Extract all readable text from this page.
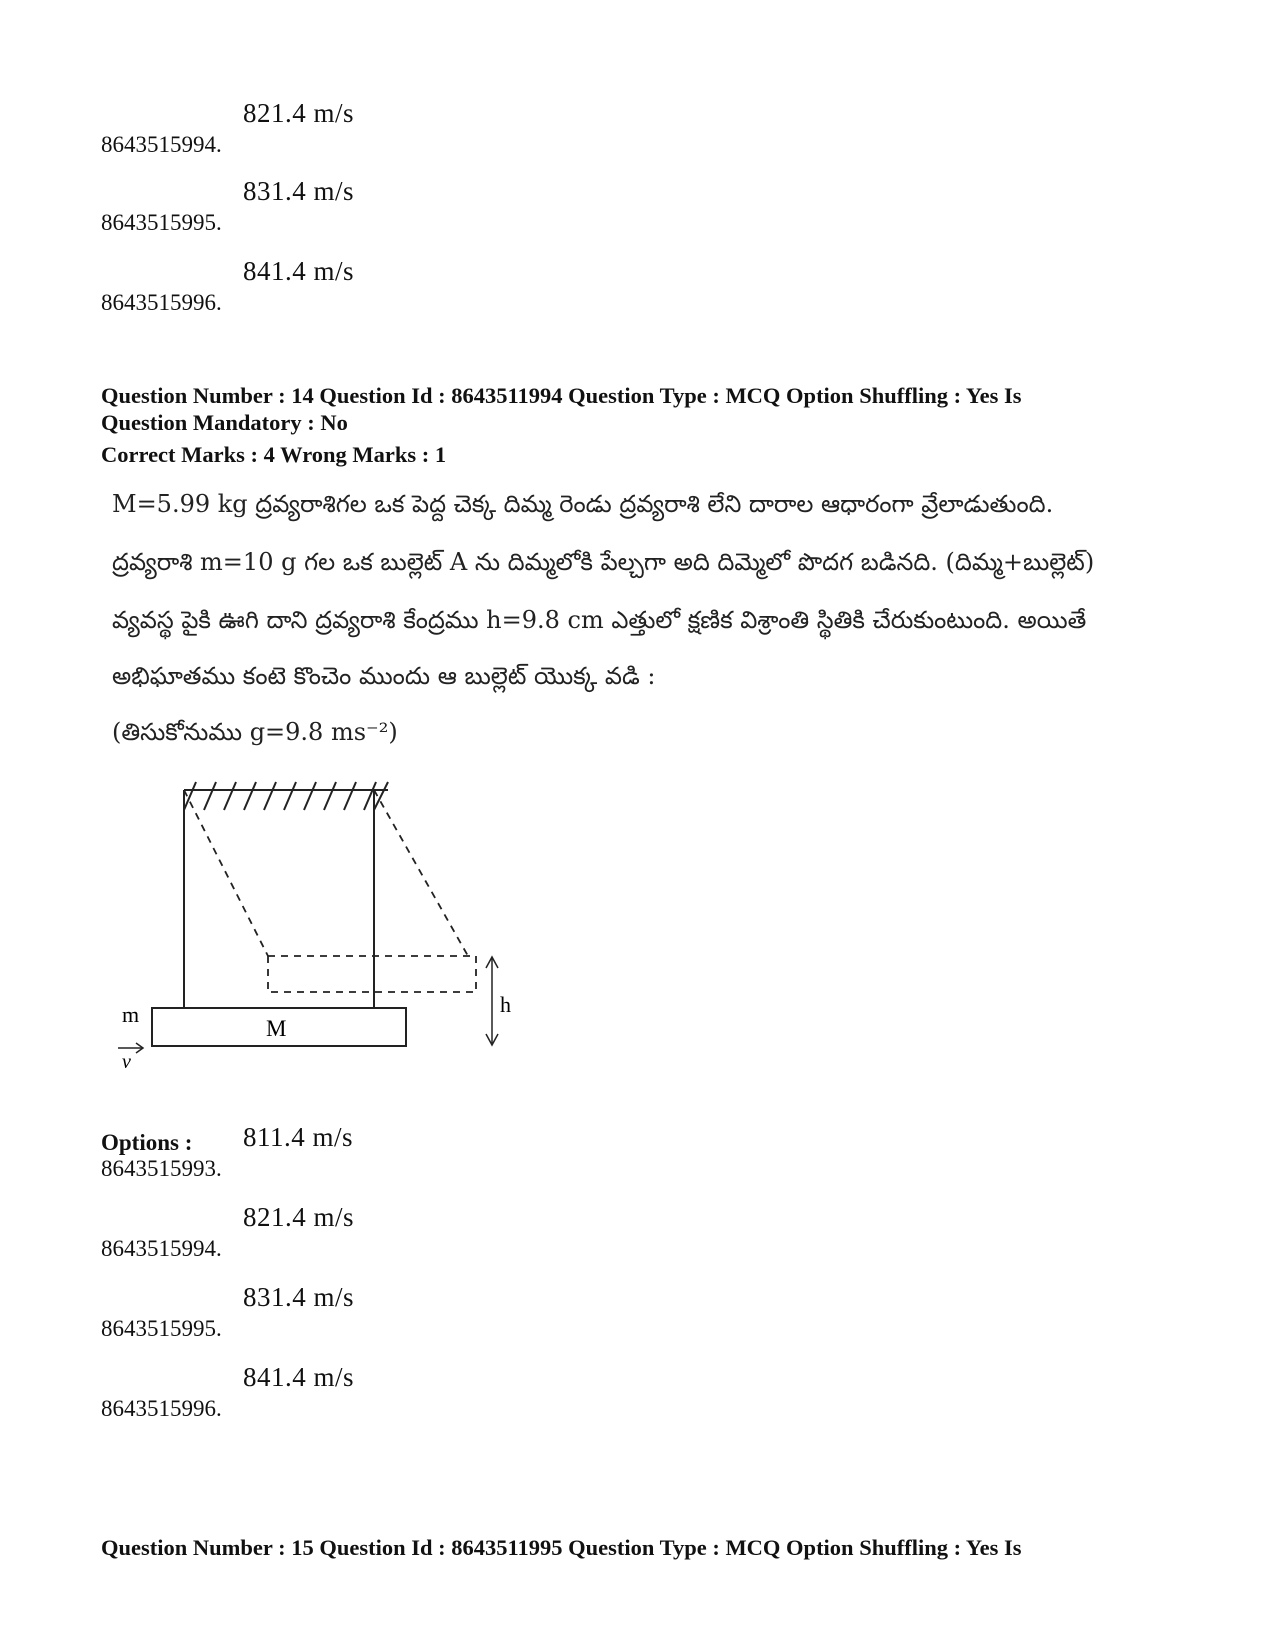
8643515994.
821.4 m/s
8643515995.
831.4 m/s
8643515996.
841.4 m/s
Question Number : 14 Question Id : 8643511994 Question Type : MCQ Option Shuffling : Yes Is
Question Mandatory : No
Correct Marks : 4 Wrong Marks : 1
M=5.99 kg ద్రవ్యరాశిగల ఒక పెద్ద చెక్క దిమ్మ రెండు ద్రవ్యరాశి లేని దారాల ఆధారంగా వ్రేలాడుతుంది.
ద్రవ్యరాశి m=10 g గల ఒక బుల్లెట్ A ను దిమ్మలోకి పేల్చగా అది దిమ్మెలో పొదగ బడినది. (దిమ్మ+బుల్లెట్)
వ్యవస్థ పైకి ఊగి దాని ద్రవ్యరాశి కేంద్రము h=9.8 cm ఎత్తులో క్షణిక విశ్రాంతి స్థితికి చేరుకుంటుంది. అయితే
అభిఘాతము కంటె కొంచెం ముందు ఆ బుల్లెట్ యొక్క వడి :
(తిసుకోనుము g=9.8 ms⁻²)
M
m
v
h
Options :
8643515993.
811.4 m/s
8643515994.
821.4 m/s
8643515995.
831.4 m/s
8643515996.
841.4 m/s
Question Number : 15 Question Id : 8643511995 Question Type : MCQ Option Shuffling : Yes Is
